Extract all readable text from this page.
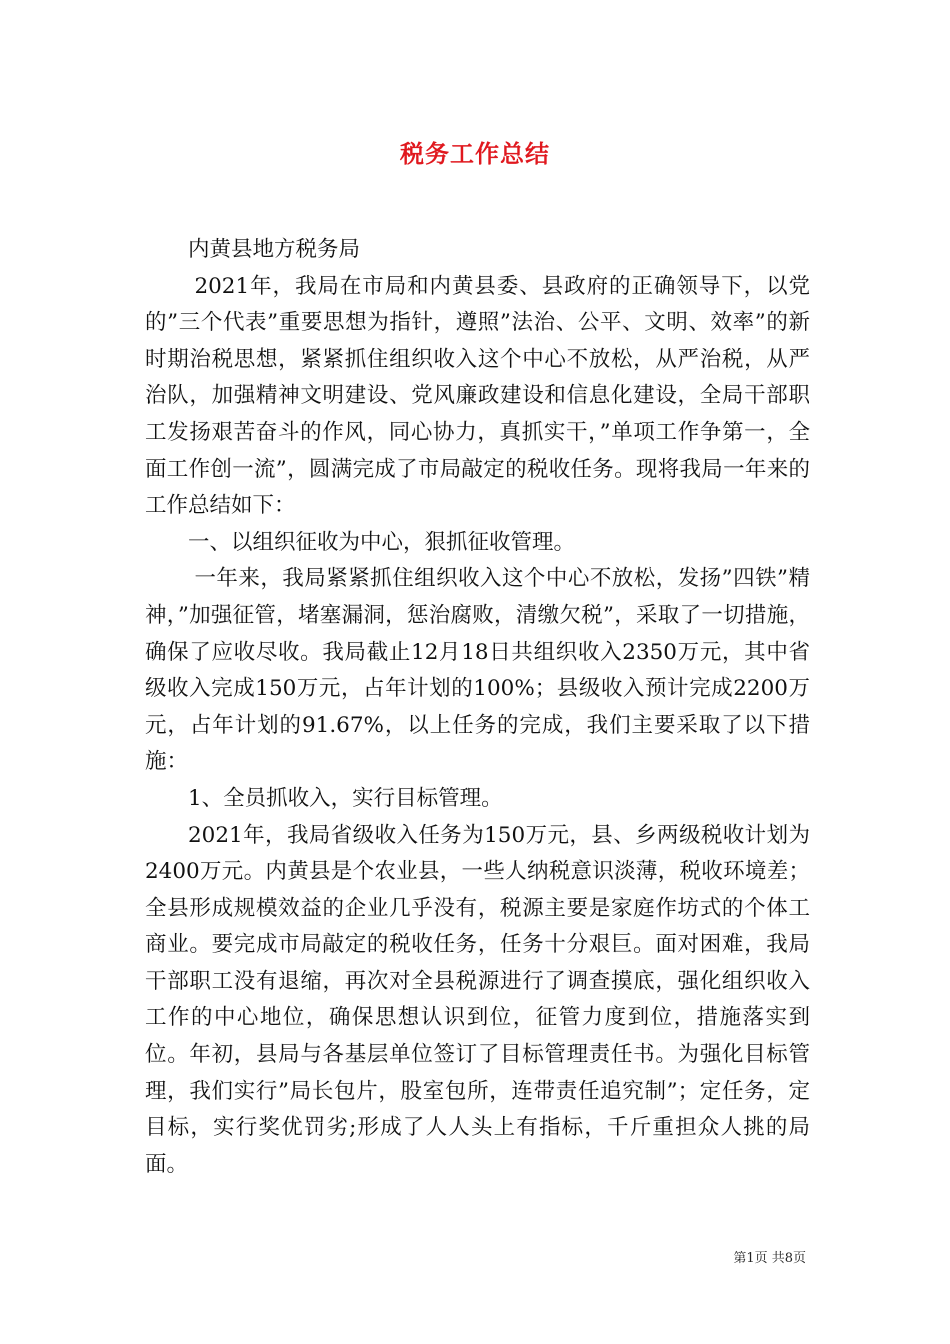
税务工作总结

内黄县地方税务局

2021年，我局在市局和内黄县委、县政府的正确领导下，以党的”三个代表”重要思想为指针，遵照”法治、公平、文明、效率”的新时期治税思想，紧紧抓住组织收入这个中心不放松，从严治税，从严治队，加强精神文明建设、党风廉政建设和信息化建设，全局干部职工发扬艰苦奋斗的作风，同心协力，真抓实干，”单项工作争第一，全面工作创一流”，圆满完成了市局敲定的税收任务。现将我局一年来的工作总结如下：

一、以组织征收为中心，狠抓征收管理。

一年来，我局紧紧抓住组织收入这个中心不放松，发扬”四铁”精神，”加强征管，堵塞漏洞，惩治腐败，清缴欠税”，采取了一切措施，确保了应收尽收。我局截止12月18日共组织收入2350万元，其中省级收入完成150万元，占年计划的100%；县级收入预计完成2200万元，占年计划的91.67%，以上任务的完成，我们主要采取了以下措施：

1、全员抓收入，实行目标管理。

2021年，我局省级收入任务为150万元，县、乡两级税收计划为2400万元。内黄县是个农业县，一些人纳税意识淡薄，税收环境差；全县形成规模效益的企业几乎没有，税源主要是家庭作坊式的个体工商业。要完成市局敲定的税收任务，任务十分艰巨。面对困难，我局干部职工没有退缩，再次对全县税源进行了调查摸底，强化组织收入工作的中心地位，确保思想认识到位，征管力度到位，措施落实到位。年初，县局与各基层单位签订了目标管理责任书。为强化目标管理，我们实行”局长包片，股室包所，连带责任追究制”；定任务，定目标，实行奖优罚劣;形成了人人头上有指标，千斤重担众人挑的局面。

第1页 共8页
